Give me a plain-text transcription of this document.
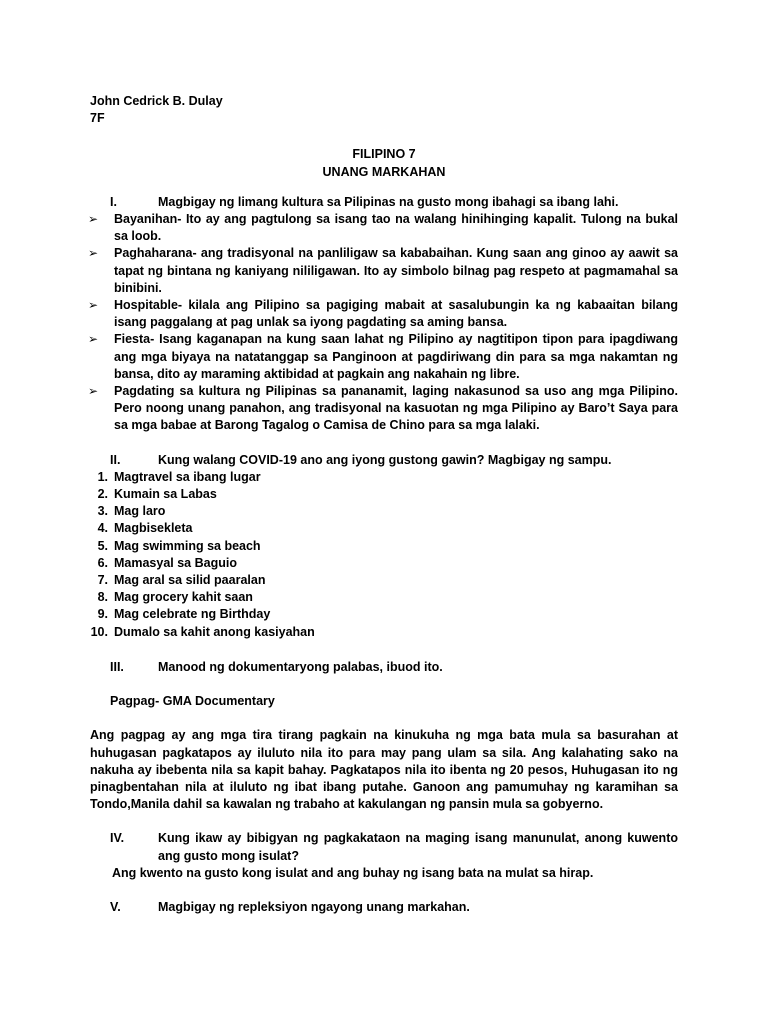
John Cedrick B. Dulay
7F
FILIPINO 7
UNANG MARKAHAN
I.	Magbigay ng limang kultura sa Pilipinas na gusto mong ibahagi sa ibang lahi.
➢ Bayanihan- Ito ay ang pagtulong sa isang tao na walang hinihinging kapalit. Tulong na bukal sa loob.
➢ Paghaharana- ang tradisyonal na panliligaw sa kababaihan. Kung saan ang ginoo ay aawit sa tapat ng bintana ng kaniyang nililigawan. Ito ay simbolo bilnag pag respeto at pagmamahal sa binibini.
➢ Hospitable- kilala ang Pilipino sa pagiging mabait at sasalubungin ka ng kabaaitan bilang isang paggalang at pag unlak sa iyong pagdating sa aming bansa.
➢ Fiesta- Isang kaganapan na kung saan lahat ng Pilipino ay nagtitipon tipon para ipagdiwang ang mga biyaya na natatanggap sa Panginoon at pagdiriwang din para sa mga nakamtan ng bansa, dito ay maraming aktibidad at pagkain ang nakahain ng libre.
➢ Pagdating sa kultura ng Pilipinas sa pananamit, laging nakasunod sa uso ang mga Pilipino. Pero noong unang panahon, ang tradisyonal na kasuotan ng mga Pilipino ay Baro’t Saya para sa mga babae at Barong Tagalog o Camisa de Chino para sa mga lalaki.
II.	Kung walang COVID-19 ano ang iyong gustong gawin? Magbigay ng sampu.
1. Magtravel sa ibang lugar
2. Kumain sa Labas
3. Mag laro
4. Magbisekleta
5. Mag swimming sa beach
6. Mamasyal sa Baguio
7. Mag aral sa silid paaralan
8. Mag grocery kahit saan
9. Mag celebrate ng Birthday
10. Dumalo sa kahit anong kasiyahan
III.	Manood ng dokumentaryong palabas, ibuod ito.
Pagpag- GMA Documentary
Ang pagpag ay ang mga tira tirang pagkain na kinukuha ng mga bata mula sa basurahan at huhugasan pagkatapos ay iluluto nila ito para may pang ulam sa sila. Ang kalahating sako na nakuha ay ibebenta nila sa kapit bahay. Pagkatapos nila ito ibenta ng 20 pesos, Huhugasan ito ng pinagbentahan nila at iluluto ng ibat ibang putahe. Ganoon ang pamumuhay ng karamihan sa Tondo,Manila dahil sa kawalan ng trabaho at kakulangan ng pansin mula sa gobyerno.
IV.	Kung ikaw ay bibigyan ng pagkakataon na maging isang manunulat, anong kuwento ang gusto mong isulat?
Ang kwento na gusto kong isulat and ang buhay ng isang bata na mulat sa hirap.
V.	Magbigay ng repleksiyon ngayong unang markahan.
